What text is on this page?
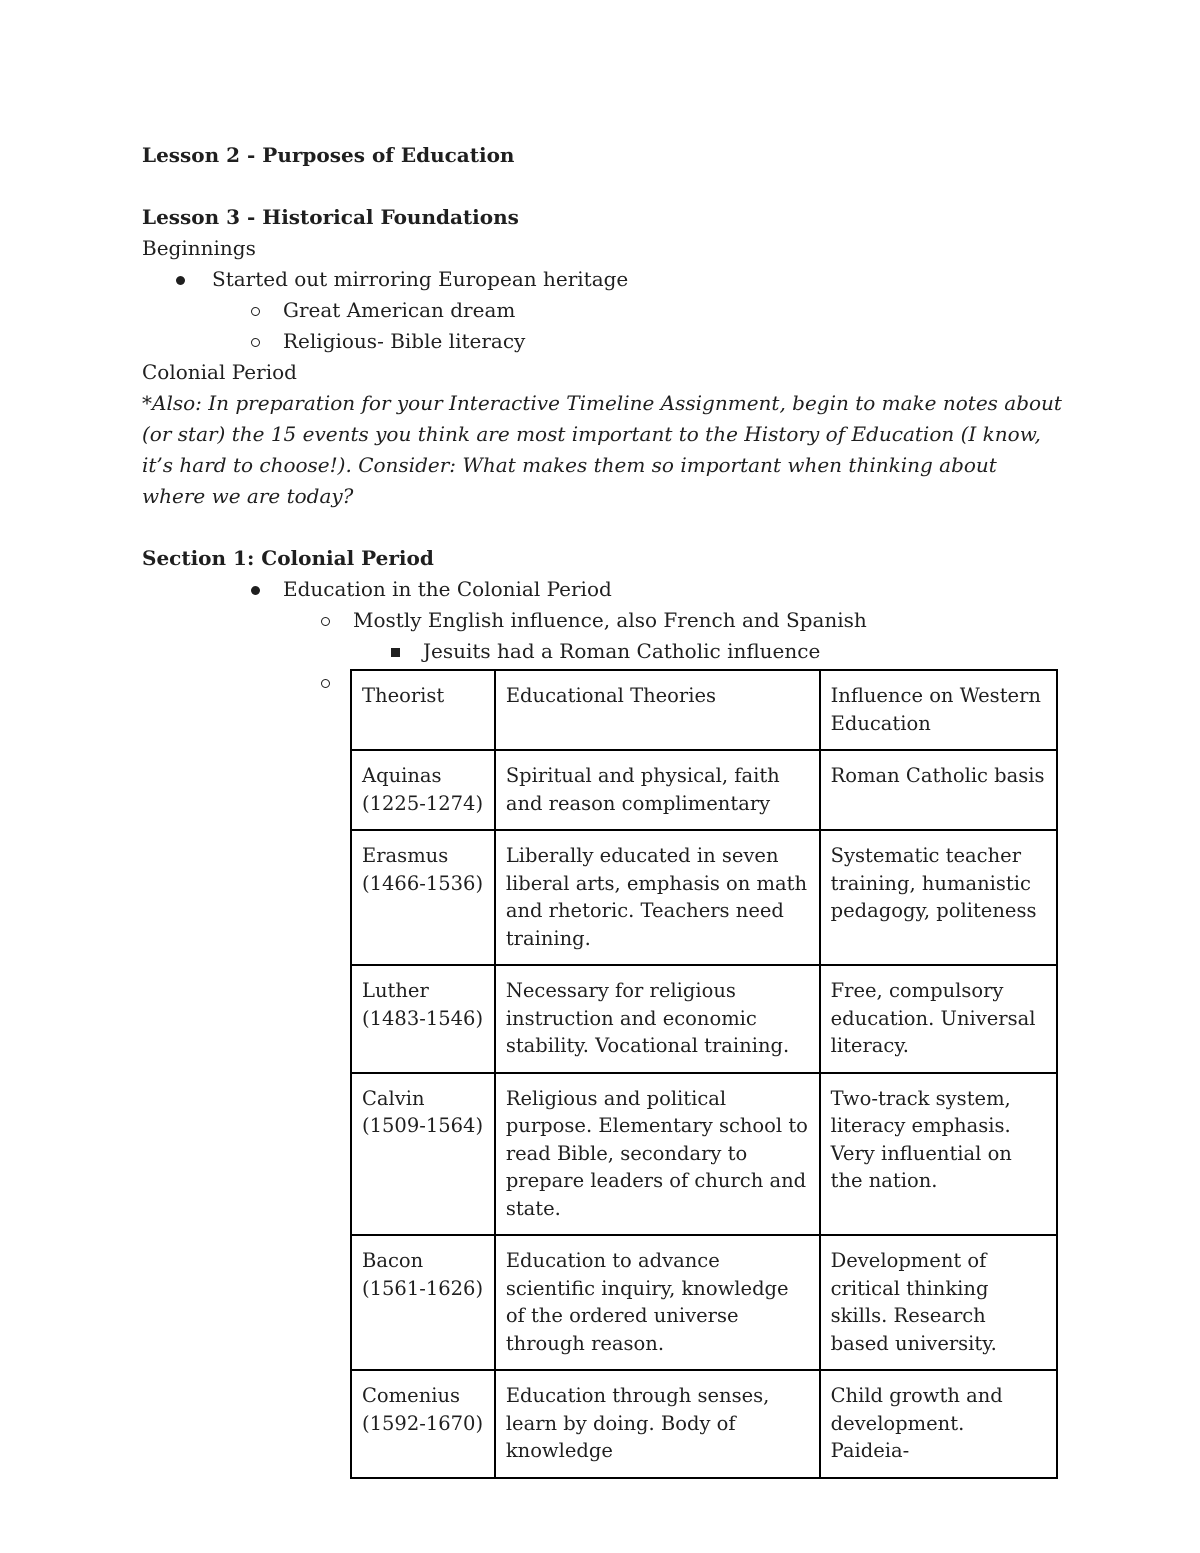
Lesson 2 - Purposes of Education
Lesson 3 - Historical Foundations
Beginnings
Started out mirroring European heritage
Great American dream
Religious- Bible literacy
Colonial Period
*Also: In preparation for your Interactive Timeline Assignment, begin to make notes about (or star) the 15 events you think are most important to the History of Education (I know, it’s hard to choose!). Consider: What makes them so important when thinking about where we are today?
Section 1: Colonial Period
Education in the Colonial Period
Mostly English influence, also French and Spanish
Jesuits had a Roman Catholic influence
Theorist	Educational Theories	Influence on Western Education
Aquinas
(1225-1274)	Spiritual and physical, faith and reason complimentary	Roman Catholic basis
Erasmus
(1466-1536)	Liberally educated in seven liberal arts, emphasis on math and rhetoric. Teachers need training.	Systematic teacher training, humanistic pedagogy, politeness
Luther
(1483-1546)	Necessary for religious instruction and economic stability. Vocational training.	Free, compulsory education. Universal literacy.
Calvin
(1509-1564)	Religious and political purpose. Elementary school to read Bible, secondary to prepare leaders of church and state.	Two-track system, literacy emphasis. Very influential on the nation.
Bacon
(1561-1626)	Education to advance scientific inquiry, knowledge of the ordered universe through reason.	Development of critical thinking skills. Research based university.
Comenius
(1592-1670)	Education through senses, learn by doing. Body of knowledge	Child growth and development. Paideia-
